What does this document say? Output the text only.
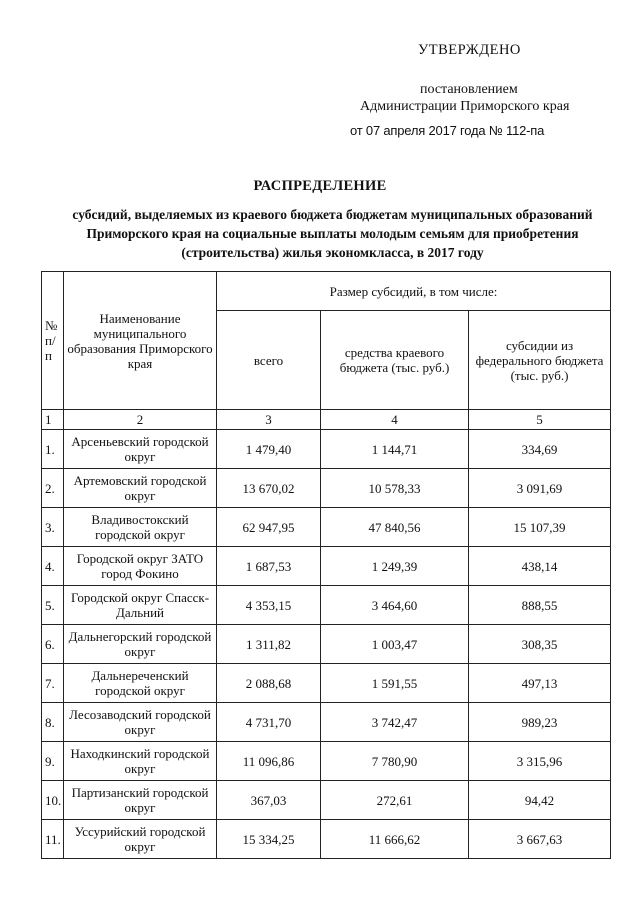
УТВЕРЖДЕНО
постановлением
Администрации Приморского края
от 07 апреля 2017 года № 112-па
РАСПРЕДЕЛЕНИЕ
субсидий, выделяемых из краевого бюджета бюджетам муниципальных образований Приморского края на социальные выплаты молодым семьям для приобретения (строительства) жилья экономкласса, в 2017 году
№ п/п	Наименование муниципального образования Приморского края	Размер субсидий, в том числе:		
		всего	средства краевого бюджета (тыс. руб.)	субсидии из федерального бюджета (тыс. руб.)
1	2	3	4	5
1.	Арсеньевский городской округ	1 479,40	1 144,71	334,69
2.	Артемовский городской округ	13 670,02	10 578,33	3 091,69
3.	Владивостокский городской округ	62 947,95	47 840,56	15 107,39
4.	Городской округ ЗАТО город Фокино	1 687,53	1 249,39	438,14
5.	Городской округ Спасск-Дальний	4 353,15	3 464,60	888,55
6.	Дальнегорский городской округ	1 311,82	1 003,47	308,35
7.	Дальнереченский городской округ	2 088,68	1 591,55	497,13
8.	Лесозаводский городской округ	4 731,70	3 742,47	989,23
9.	Находкинский городской округ	11 096,86	7 780,90	3 315,96
10.	Партизанский городской округ	367,03	272,61	94,42
11.	Уссурийский городской округ	15 334,25	11 666,62	3 667,63
